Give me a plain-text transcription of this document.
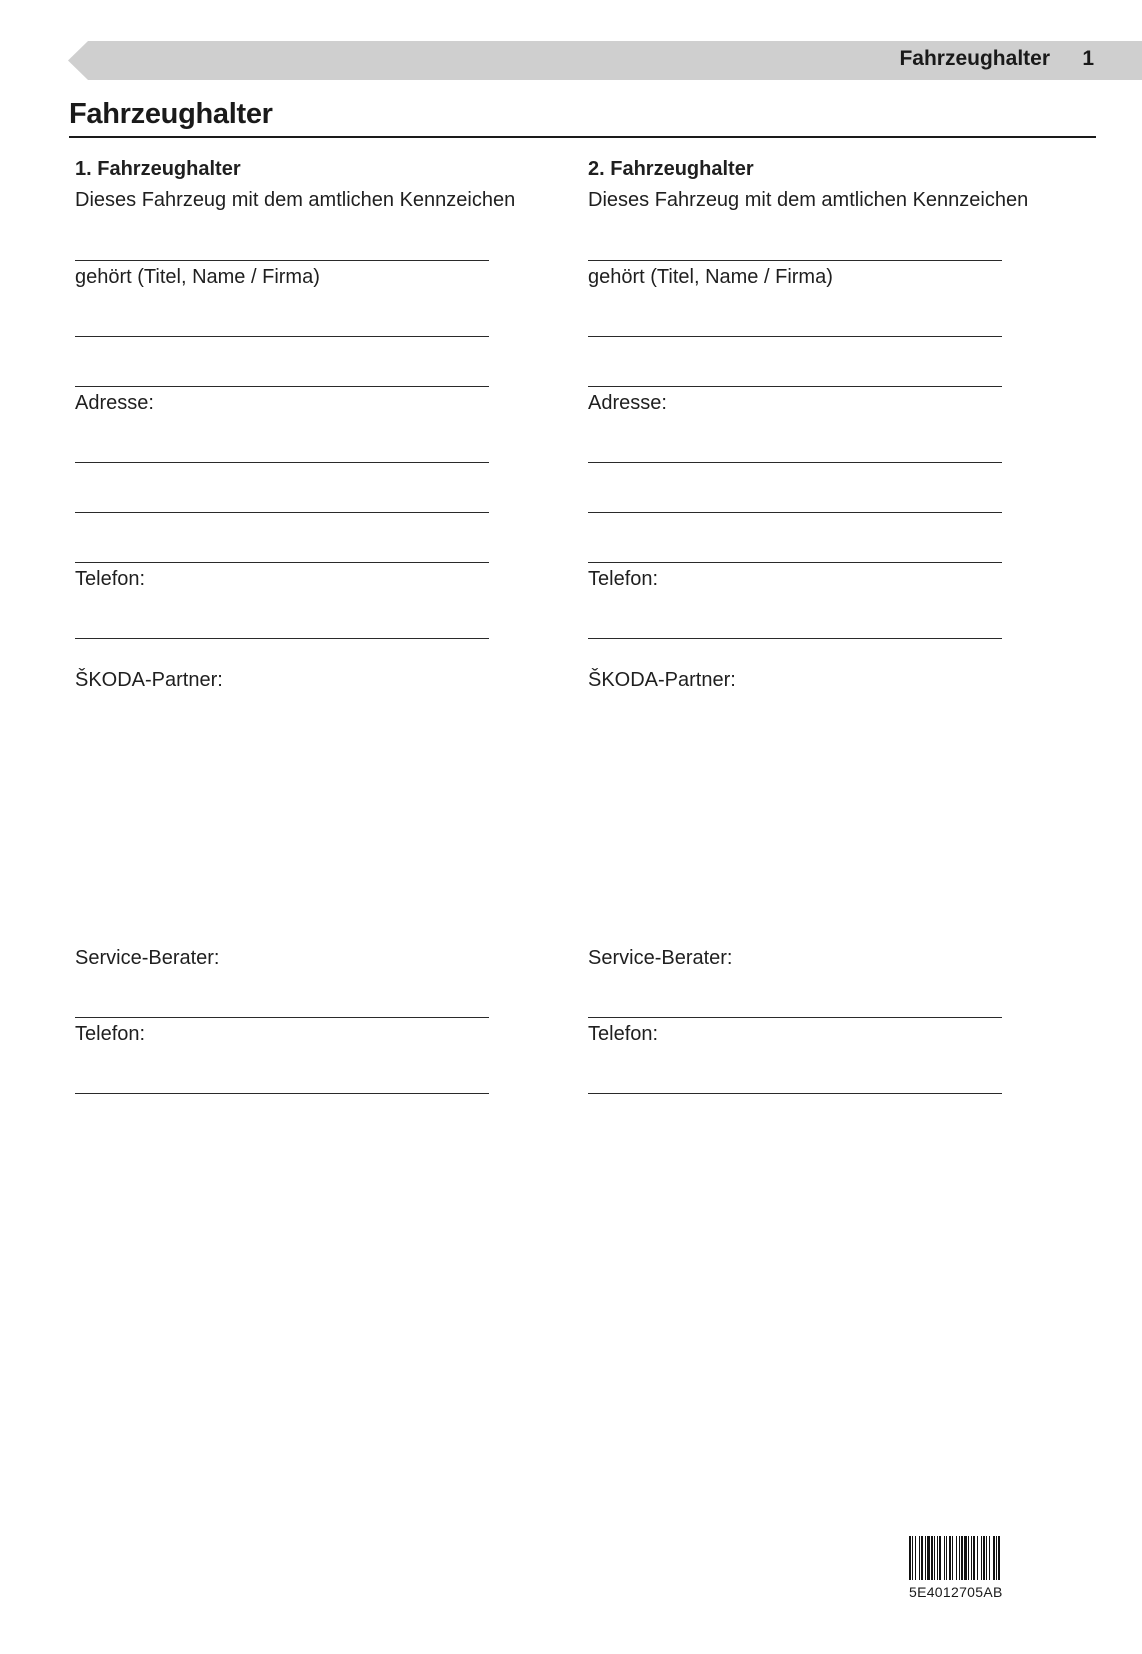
Fahrzeughalter 1
Fahrzeughalter
1. Fahrzeughalter
Dieses Fahrzeug mit dem amtlichen Kennzeichen
gehört (Titel, Name / Firma)
Adresse:
Telefon:
ŠKODA-Partner:
Service-Berater:
Telefon:
2. Fahrzeughalter
Dieses Fahrzeug mit dem amtlichen Kennzeichen
gehört (Titel, Name / Firma)
Adresse:
Telefon:
ŠKODA-Partner:
Service-Berater:
Telefon:
5E4012705AB
